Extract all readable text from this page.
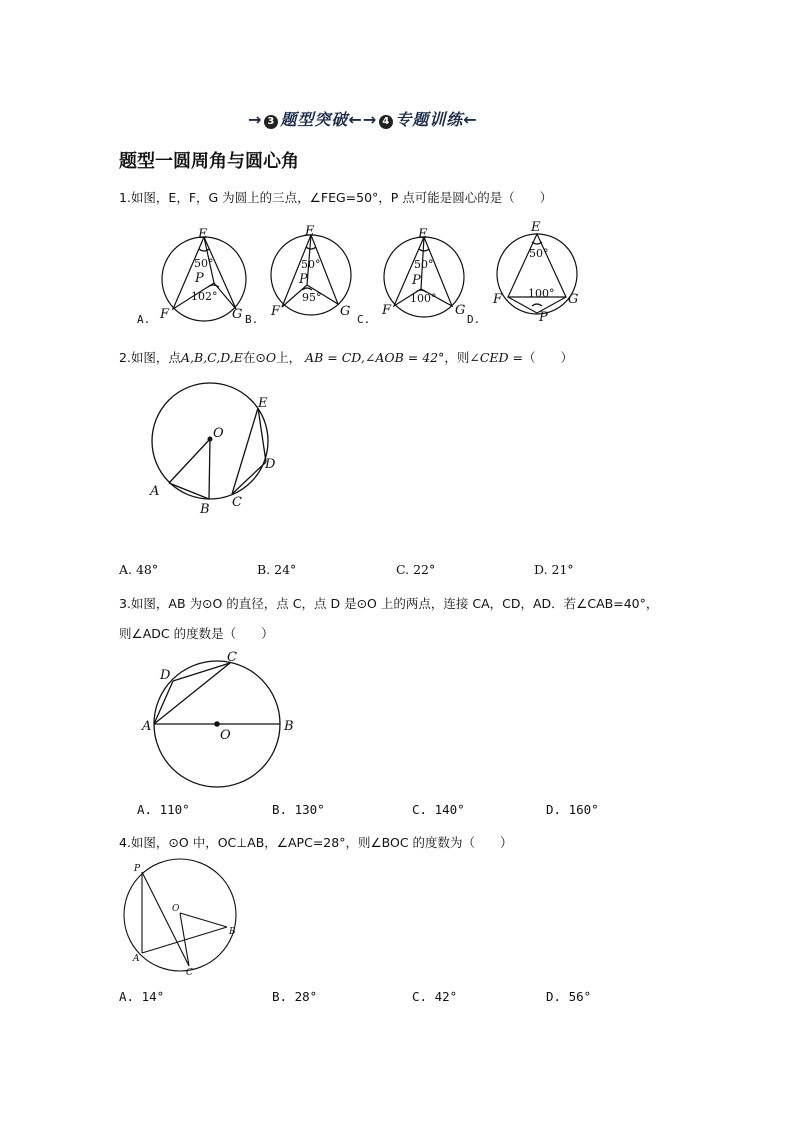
→ 3 题型突破←→ 4 专题训练←
题型一圆周角与圆心角
1.如图，E，F，G 为圆上的三点，∠FEG=50°，P 点可能是圆心的是（　　）
E
50°
P
102°
F	G
A.
E
50°
P
95°
F	G
B.
E
50°
P
100°
F	G
C.	D.
E
50°
100°
F	G
P
2.如图，点A,B,C,D,E在⊙O上， AB = CD,∠AOB = 42°，则∠CED =（　　）
O
A
B C
D
E
A. 48°	B. 24°	C. 22°	D. 21°
3.如图，AB 为⊙O 的直径，点 C，点 D 是⊙O 上的两点，连接 CA，CD，AD．若∠CAB=40°，
则∠ADC 的度数是（　　）
A	B
C
D
O
A. 110°	B. 130°	C. 140°	D. 160°
4.如图，⊙O 中，OC⊥AB，∠APC=28°，则∠BOC 的度数为（　　）
P
O
A
B
C
A. 14°	B. 28°	C. 42°	D. 56°
